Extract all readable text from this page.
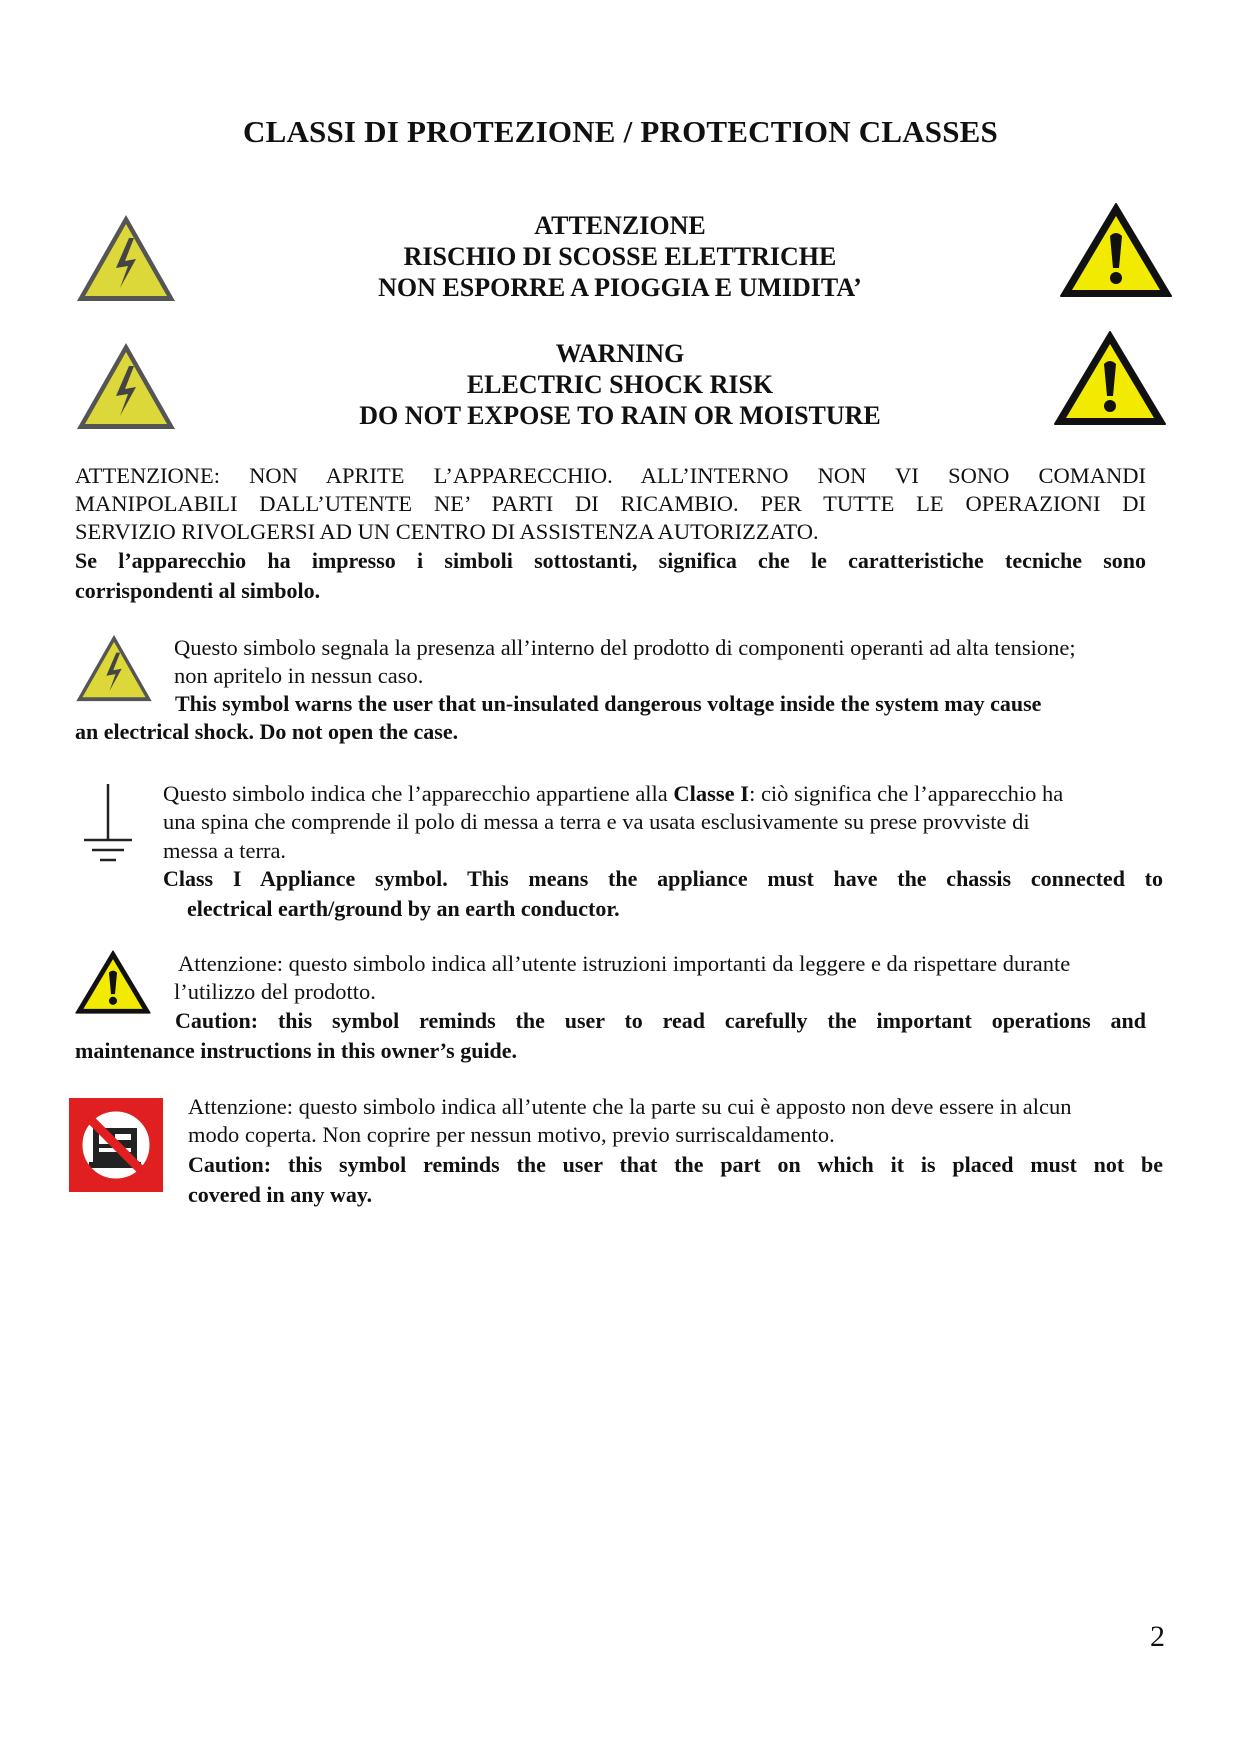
CLASSI DI PROTEZIONE / PROTECTION CLASSES
ATTENZIONE
RISCHIO DI SCOSSE ELETTRICHE
NON ESPORRE A PIOGGIA E UMIDITA’
WARNING
ELECTRIC SHOCK RISK
DO NOT EXPOSE TO RAIN OR MOISTURE
ATTENZIONE: NON APRITE L’APPARECCHIO. ALL’INTERNO NON VI SONO COMANDI
MANIPOLABILI DALL’UTENTE NE’ PARTI DI RICAMBIO. PER TUTTE LE OPERAZIONI DI
SERVIZIO RIVOLGERSI AD UN CENTRO DI ASSISTENZA AUTORIZZATO.
Se l’apparecchio ha impresso i simboli sottostanti, significa che le caratteristiche tecniche sono
corrispondenti al simbolo.
Questo simbolo segnala la presenza all’interno del prodotto di componenti operanti ad alta tensione;
non apritelo in nessun caso.
This symbol warns the user that un-insulated dangerous voltage inside the system may cause
an electrical shock. Do not open the case.
Questo simbolo indica che l’apparecchio appartiene alla Classe I: ciò significa che l’apparecchio ha
una spina che comprende il polo di messa a terra e va usata esclusivamente su prese provviste di
messa a terra.
Class I Appliance symbol. This means the appliance must have the chassis connected to
electrical earth/ground by an earth conductor.
Attenzione: questo simbolo indica all’utente istruzioni importanti da leggere e da rispettare durante
l’utilizzo del prodotto.
Caution: this symbol reminds the user to read carefully the important operations and
maintenance instructions in this owner’s guide.
Attenzione: questo simbolo indica all’utente che la parte su cui è apposto non deve essere in alcun
modo coperta. Non coprire per nessun motivo, previo surriscaldamento.
Caution: this symbol reminds the user that the part on which it is placed must not be
covered in any way.
2
